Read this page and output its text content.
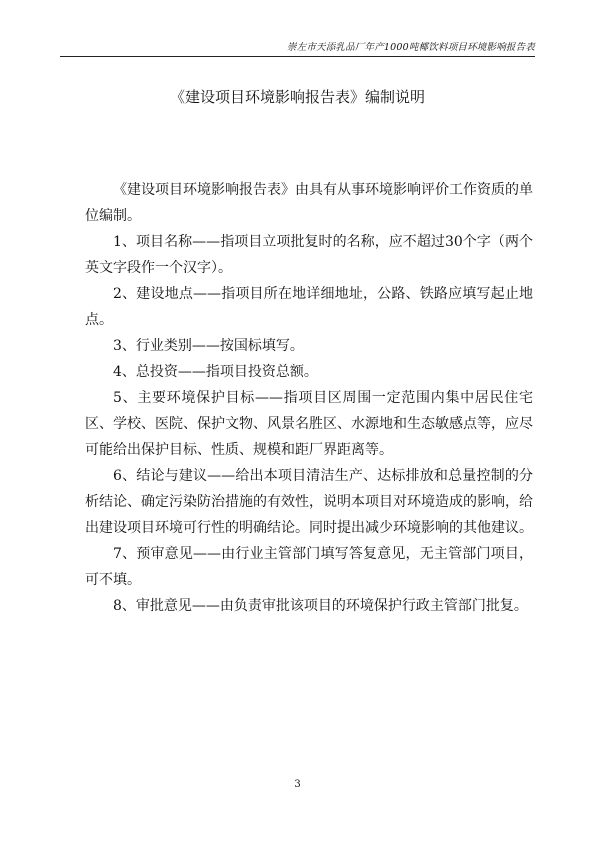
崇左市天添乳品厂年产1000吨椰饮料项目环境影响报告表
《建设项目环境影响报告表》编制说明

《建设项目环境影响报告表》由具有从事环境影响评价工作资质的单位编制。

1、项目名称——指项目立项批复时的名称，应不超过30个字（两个英文字段作一个汉字）。

2、建设地点——指项目所在地详细地址，公路、铁路应填写起止地点。

3、行业类别——按国标填写。

4、总投资——指项目投资总额。

5、主要环境保护目标——指项目区周围一定范围内集中居民住宅区、学校、医院、保护文物、风景名胜区、水源地和生态敏感点等，应尽可能给出保护目标、性质、规模和距厂界距离等。

6、结论与建议——给出本项目清洁生产、达标排放和总量控制的分析结论、确定污染防治措施的有效性，说明本项目对环境造成的影响，给出建设项目环境可行性的明确结论。同时提出减少环境影响的其他建议。

7、预审意见——由行业主管部门填写答复意见，无主管部门项目，可不填。

8、审批意见——由负责审批该项目的环境保护行政主管部门批复。

3
